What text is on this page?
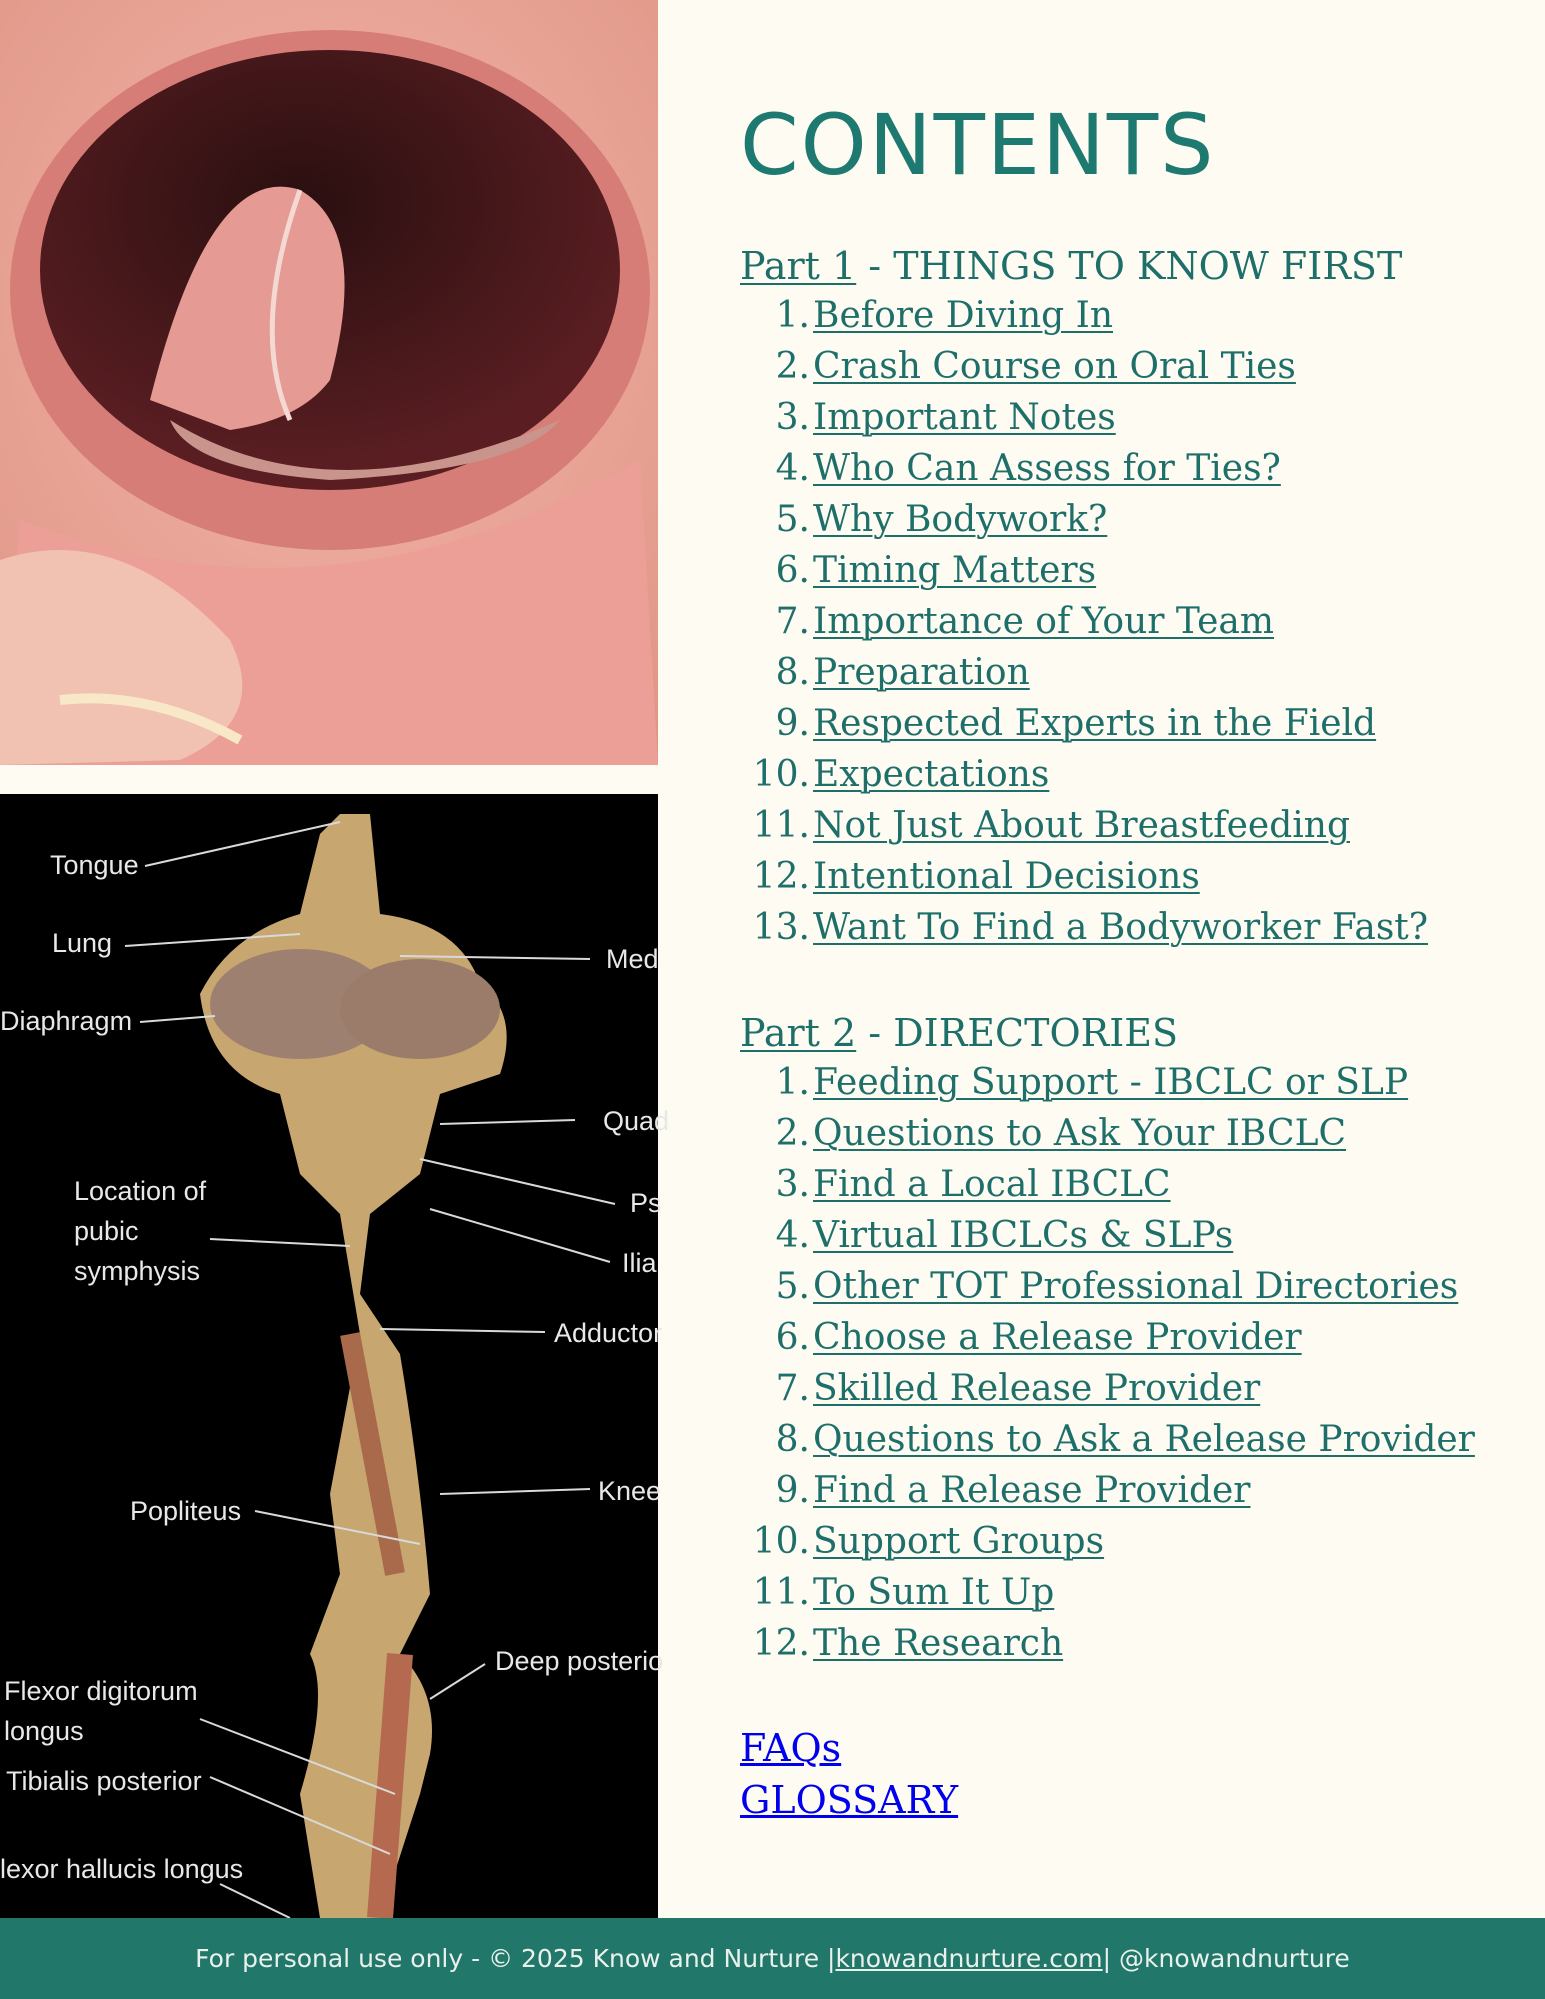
Tongue
Lung
Diaphragm
Location of
pubic
symphysis
Popliteus
Flexor digitorum
longus
Tibialis posterior
lexor hallucis longus
Med
Quad
Ps
Ilia
Adductor
Knee
Deep posterio
CONTENTS
Part 1 - THINGS TO KNOW FIRST
1. Before Diving In
2. Crash Course on Oral Ties
3. Important Notes
4. Who Can Assess for Ties?
5. Why Bodywork?
6. Timing Matters
7. Importance of Your Team
8. Preparation
9. Respected Experts in the Field
10. Expectations
11. Not Just About Breastfeeding
12. Intentional Decisions
13. Want To Find a Bodyworker Fast?
Part 2 - DIRECTORIES
1. Feeding Support - IBCLC or SLP
2. Questions to Ask Your IBCLC
3. Find a Local IBCLC
4. Virtual IBCLCs & SLPs
5. Other TOT Professional Directories
6. Choose a Release Provider
7. Skilled Release Provider
8. Questions to Ask a Release Provider
9. Find a Release Provider
10. Support Groups
11. To Sum It Up
12. The Research
FAQs
GLOSSARY
For personal use only - © 2025 Know and Nurture | knowandnurture.com | @knowandnurture
